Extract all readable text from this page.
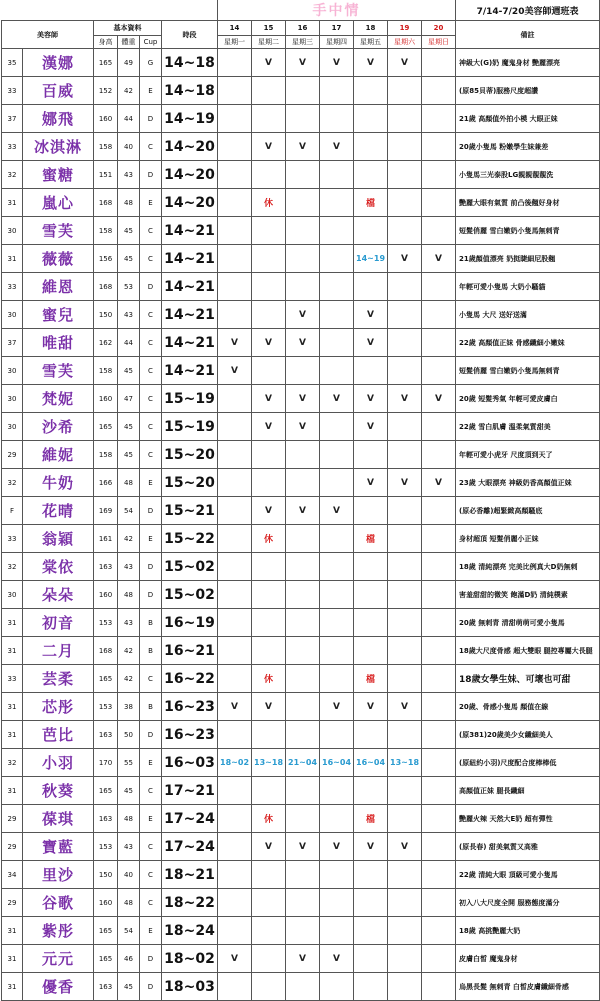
						手中情							7/14-7/20美容師週班表
美容師		基本資料			時段	14	15	16	17	18	19	20	備註
		身高	體重	Cup		星期一	星期二	星期三	星期四	星期五	星期六	星期日	
35	漢娜	165	49	G	14~18		V	V	V	V	V		神級大(G)奶 魔鬼身材 艷麗漂亮
33	百威	152	42	E	14~18								(原85貝蒂)服務尺度超讚
37	娜飛	160	44	D	14~19								21歲 高顏值外拍小模 大眼正妹
33	冰淇淋	158	40	C	14~20		V	V	V				20歲小隻馬 粉嫩學生妹兼差
32	蜜糖	151	43	D	14~20								小隻馬三光泰股LG親親靚靚洗
31	嵐心	168	48	E	14~20		休			檔			艷麗大眼有氣質 前凸後翹好身材
30	雪芙	158	45	C	14~21								短髮俏麗 雪白嫩奶小隻馬無刺青
31	薇薇	156	45	C	14~21					14~19	V	V	21歲顏值漂亮 奶挺睫細尼股翹
33	維恩	168	53	D	14~21								年輕可愛小隻馬 大奶小騷貓
30	蜜兒	150	43	C	14~21			V		V			小隻馬 大尺 送好送滿
37	唯甜	162	44	C	14~21	V	V	V		V			22歲 高顏值正妹 骨感纖細小嫩妹
30	雪芙	158	45	C	14~21	V							短髮俏麗 雪白嫩奶小隻馬無刺青
30	梵妮	160	47	C	15~19		V	V	V	V	V	V	20歲 短髮秀氣 年輕可愛皮膚白
30	沙希	165	45	C	15~19		V	V		V			22歲 雪白肌膚 溫柔氣質甜美
29	維妮	158	45	C	15~20								年輕可愛小虎牙 尺度頂到天了
32	牛奶	166	48	E	15~20					V	V	V	23歲 大眼漂亮 神級奶香高顏值正妹
F	花晴	169	54	D	15~21		V	V	V				(原必香離)超緊緻高顏騷底
33	翁穎	161	42	E	15~22		休			檔			身材超頂 短髮俏麗小正妹
32	棠依	163	43	D	15~02								18歲 清純漂亮 完美比例真大D奶無刺
30	朵朵	160	48	D	15~02								害羞甜甜的微笑 飽滿D奶 清純樸素
31	初音	153	43	B	16~19								20歲 無刺青 清甜萌萌可愛小隻馬
31	二月	168	42	B	16~21								18歲大尺度骨感 超大雙眼 腿控專屬大長腿
33	芸柔	165	42	C	16~22		休			檔			18歲女學生妹、可壞也可甜
31	芯彤	153	38	B	16~23	V	V		V	V	V		20歲、骨感小隻馬 顏值在線
31	芭比	163	50	D	16~23								(原381)20歲美少女纖細美人
32	小羽	170	55	E	16~03	18~02	13~18	21~04	16~04	16~04	13~18		(原紐約小羽)尺度配合度棒棒低
31	秋葵	165	45	C	17~21								高顏值正妹 腿長纖細
29	葆琪	163	48	E	17~24		休			檔			艷麗火辣 天然大E奶 超有彈性
29	寶藍	153	43	C	17~24		V	V	V	V	V		(原長春) 甜美氣質又高雅
34	里沙	150	40	C	18~21								22歲 清純大眼 頂級可愛小隻馬
29	谷歌	160	48	C	18~22								初入八大尺度全開 服務態度滿分
31	紫彤	165	54	E	18~24								18歲 高挑艷麗大奶
31	元元	165	46	D	18~02	V		V	V				皮膚白皙 魔鬼身材
31	優香	163	45	D	18~03								烏黑長髮 無刺青 白皙皮膚纖細骨感
